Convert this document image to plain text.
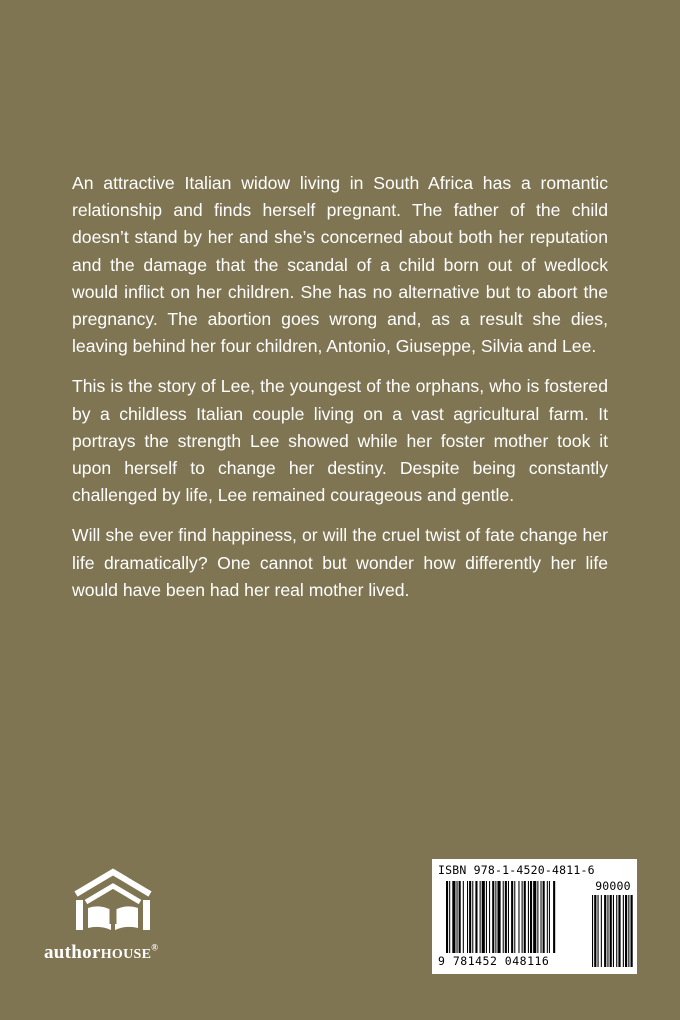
An attractive Italian widow living in South Africa has a romantic relationship and finds herself pregnant. The father of the child doesn’t stand by her and she’s concerned about both her reputation and the damage that the scandal of a child born out of wedlock would inflict on her children. She has no alternative but to abort the pregnancy. The abortion goes wrong and, as a result she dies, leaving behind her four children, Antonio, Giuseppe, Silvia and Lee.

This is the story of Lee, the youngest of the orphans, who is fostered by a childless Italian couple living on a vast agricultural farm. It portrays the strength Lee showed while her foster mother took it upon herself to change her destiny. Despite being constantly challenged by life, Lee remained courageous and gentle.

Will she ever find happiness, or will the cruel twist of fate change her life dramatically? One cannot but wonder how differently her life would have been had her real mother lived.

authorHOUSE®
ISBN 978-1-4520-4811-6
90000
9 781452 048116
